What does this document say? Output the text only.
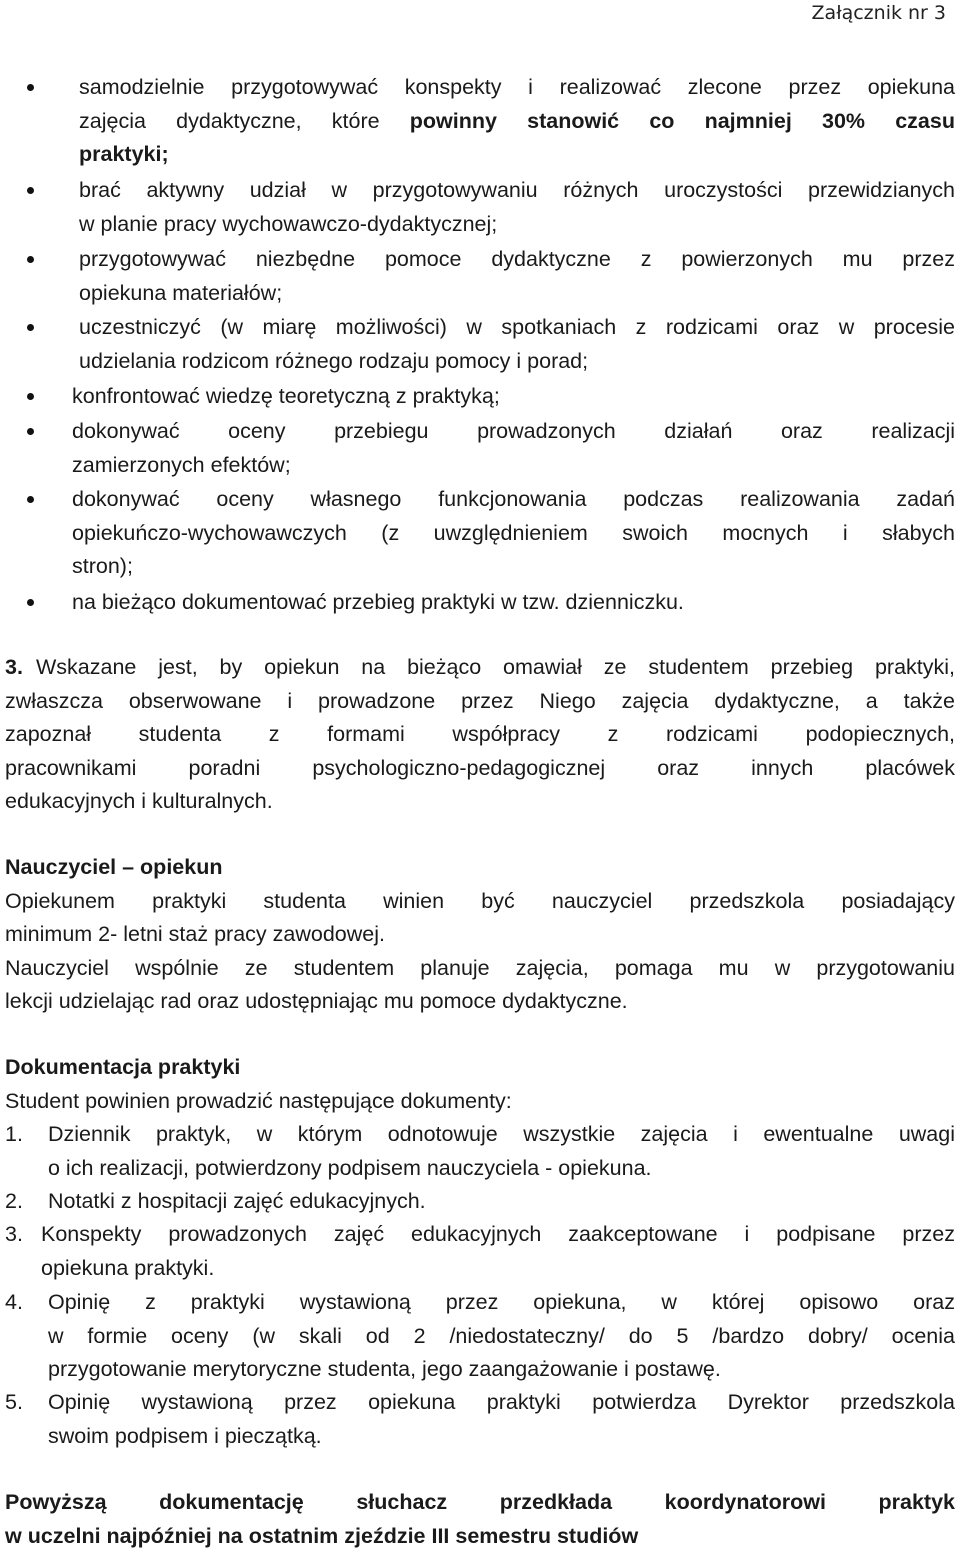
Załącznik nr 3
samodzielnie przygotowywać konspekty i realizować zlecone przez opiekuna
zajęcia dydaktyczne, które powinny stanowić co najmniej 30% czasu
praktyki;
brać aktywny udział w przygotowywaniu różnych uroczystości przewidzianych
w planie pracy wychowawczo-dydaktycznej;
przygotowywać niezbędne pomoce dydaktyczne z powierzonych mu przez
opiekuna materiałów;
uczestniczyć (w miarę możliwości) w spotkaniach z rodzicami oraz w procesie
udzielania rodzicom różnego rodzaju pomocy i porad;
konfrontować wiedzę teoretyczną z praktyką;
dokonywać oceny przebiegu prowadzonych działań oraz realizacji
zamierzonych efektów;
dokonywać oceny własnego funkcjonowania podczas realizowania zadań
opiekuńczo-wychowawczych (z uwzględnieniem swoich mocnych i słabych
stron);
na bieżąco dokumentować przebieg praktyki w tzw. dzienniczku.
3. Wskazane jest, by opiekun na bieżąco omawiał ze studentem przebieg praktyki,
zwłaszcza obserwowane i prowadzone przez Niego zajęcia dydaktyczne, a także
zapoznał studenta z formami współpracy z rodzicami podopiecznych,
pracownikami poradni psychologiczno-pedagogicznej oraz innych placówek
edukacyjnych i kulturalnych.
Nauczyciel – opiekun
Opiekunem praktyki studenta winien być nauczyciel przedszkola posiadający
minimum 2- letni staż pracy zawodowej.
Nauczyciel wspólnie ze studentem planuje zajęcia, pomaga mu w przygotowaniu
lekcji udzielając rad oraz udostępniając mu pomoce dydaktyczne.
Dokumentacja praktyki
Student powinien prowadzić następujące dokumenty:
1. Dziennik praktyk, w którym odnotowuje wszystkie zajęcia i ewentualne uwagi
o ich realizacji, potwierdzony podpisem nauczyciela - opiekuna.
2. Notatki z hospitacji zajęć edukacyjnych.
3. Konspekty prowadzonych zajęć edukacyjnych zaakceptowane i podpisane przez
opiekuna praktyki.
4. Opinię z praktyki wystawioną przez opiekuna, w której opisowo oraz
w formie oceny (w skali od 2 /niedostateczny/ do 5 /bardzo dobry/ ocenia
przygotowanie merytoryczne studenta, jego zaangażowanie i postawę.
5. Opinię wystawioną przez opiekuna praktyki potwierdza Dyrektor przedszkola
swoim podpisem i pieczątką.
Powyższą dokumentację słuchacz przedkłada koordynatorowi praktyk
w uczelni najpóźniej na ostatnim zjeździe III semestru studiów
